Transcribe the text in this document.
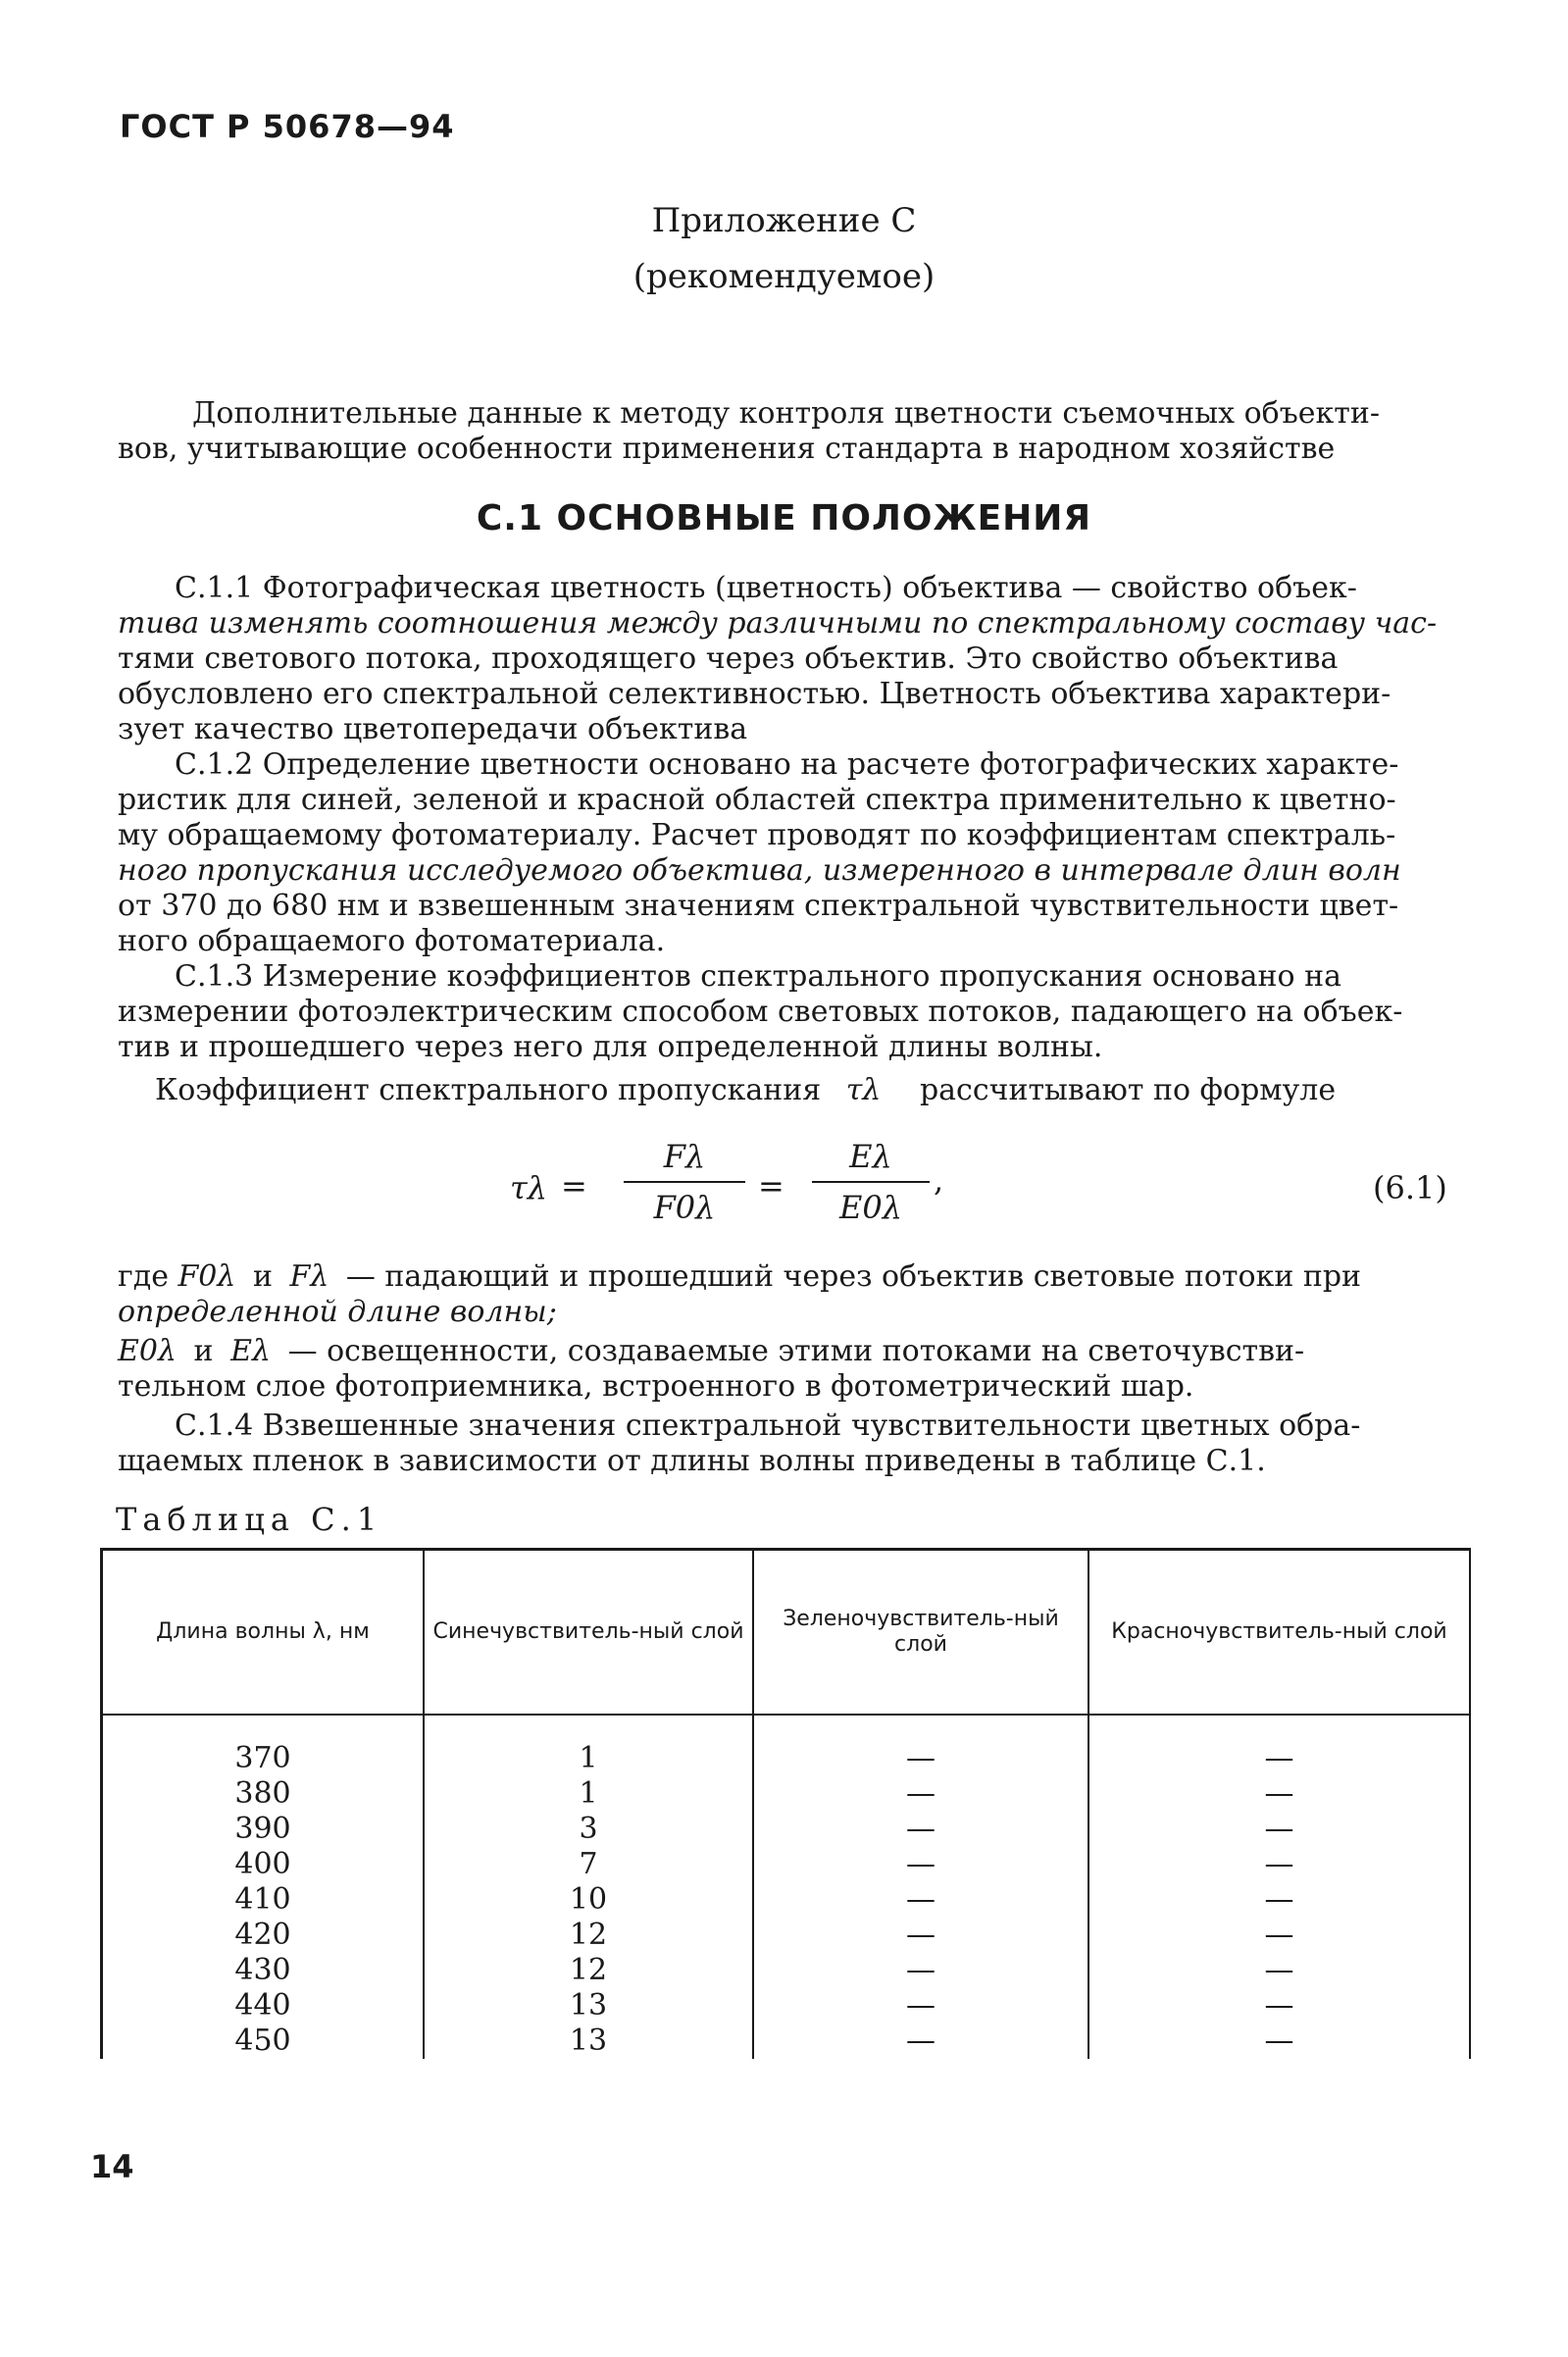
ГОСТ Р 50678—94
Приложение С
(рекомендуемое)
Дополнительные данные к методу контроля цветности съемочных объекти-
вов, учитывающие особенности применения стандарта в народном хозяйстве
С.1 ОСНОВНЫЕ ПОЛОЖЕНИЯ
С.1.1 Фотографическая цветность (цветность) объектива — свойство объек-
тива изменять соотношения между различными по спектральному составу час-
тями светового потока, проходящего через объектив. Это свойство объектива
обусловлено его спектральной селективностью. Цветность объектива характери-
зует качество цветопередачи объектива
С.1.2 Определение цветности основано на расчете фотографических характе-
ристик для синей, зеленой и красной областей спектра применительно к цветно-
му обращаемому фотоматериалу. Расчет проводят по коэффициентам спектраль-
ного пропускания исследуемого объектива, измеренного в интервале длин волн
от 370 до 680 нм и взвешенным значениям спектральной чувствительности цвет-
ного обращаемого фотоматериала.
С.1.3 Измерение коэффициентов спектрального пропускания основано на
измерении фотоэлектрическим способом световых потоков, падающего на объек-
тив и прошедшего через него для определенной длины волны.
Коэффициент спектрального пропускания τλ рассчитывают по формуле
τλ =
Fλ
F0λ
=
Eλ
E0λ
,	(6.1)
где F0λ и Fλ — падающий и прошедший через объектив световые потоки при
определенной длине волны;
E0λ и Eλ — освещенности, создаваемые этими потоками на светочувстви-
тельном слое фотоприемника, встроенного в фотометрический шар.
С.1.4 Взвешенные значения спектральной чувствительности цветных обра-
щаемых пленок в зависимости от длины волны приведены в таблице С.1.
Таблица С.1
Длина волны λ, нм	Синечувствитель-ный слой	Зеленочувствитель-ный слой	Красночувствитель-ный слой
370	1	—	—
380	1	—	—
390	3	—	—
400	7	—	—
410	10	—	—
420	12	—	—
430	12	—	—
440	13	—	—
450	13	—	—
14
